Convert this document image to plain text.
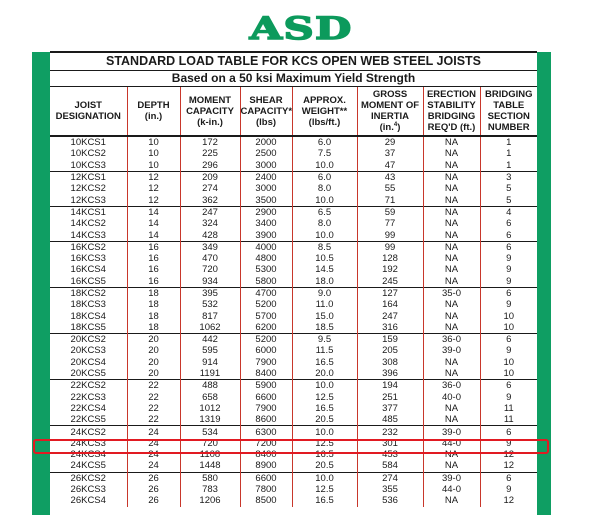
ASD
STANDARD LOAD TABLE FOR KCS OPEN WEB STEEL JOISTS
Based on a 50 ksi Maximum Yield Strength
JOIST
DESIGNATION	DEPTH
(in.)	MOMENT
CAPACITY
(k-in.)	SHEAR
CAPACITY*
(lbs)	APPROX.
WEIGHT**
(lbs/ft.)	GROSS
MOMENT OF
INERTIA
(in.$^4$)	ERECTION
STABILITY
BRIDGING
REQ'D (ft.)	BRIDGING
TABLE
SECTION
NUMBER
10KCS1	10	172	2000	6.0	29	NA	1
10KCS2	10	225	2500	7.5	37	NA	1
10KCS3	10	296	3000	10.0	47	NA	1
12KCS1	12	209	2400	6.0	43	NA	3
12KCS2	12	274	3000	8.0	55	NA	5
12KCS3	12	362	3500	10.0	71	NA	5
14KCS1	14	247	2900	6.5	59	NA	4
14KCS2	14	324	3400	8.0	77	NA	6
14KCS3	14	428	3900	10.0	99	NA	6
16KCS2	16	349	4000	8.5	99	NA	6
16KCS3	16	470	4800	10.5	128	NA	9
16KCS4	16	720	5300	14.5	192	NA	9
16KCS5	16	934	5800	18.0	245	NA	9
18KCS2	18	395	4700	9.0	127	35-0	6
18KCS3	18	532	5200	11.0	164	NA	9
18KCS4	18	817	5700	15.0	247	NA	10
18KCS5	18	1062	6200	18.5	316	NA	10
20KCS2	20	442	5200	9.5	159	36-0	6
20KCS3	20	595	6000	11.5	205	39-0	9
20KCS4	20	914	7900	16.5	308	NA	10
20KCS5	20	1191	8400	20.0	396	NA	10
22KCS2	22	488	5900	10.0	194	36-0	6
22KCS3	22	658	6600	12.5	251	40-0	9
22KCS4	22	1012	7900	16.5	377	NA	11
22KCS5	22	1319	8600	20.5	485	NA	11
24KCS2	24	534	6300	10.0	232	39-0	6
24KCS3	24	720	7200	12.5	301	44-0	9
24KCS4	24	1108	8400	16.5	453	NA	12
24KCS5	24	1448	8900	20.5	584	NA	12
26KCS2	26	580	6600	10.0	274	39-0	6
26KCS3	26	783	7800	12.5	355	44-0	9
26KCS4	26	1206	8500	16.5	536	NA	12
